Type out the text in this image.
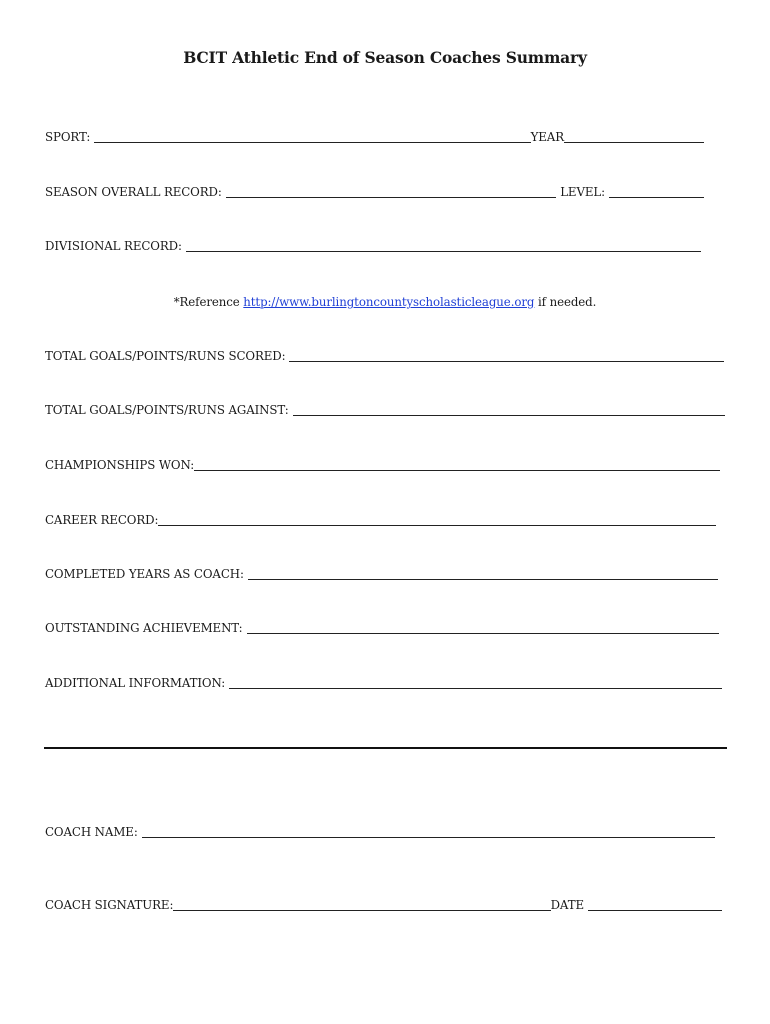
BCIT Athletic End of Season Coaches Summary
SPORT:	YEAR
SEASON OVERALL RECORD:	LEVEL:
DIVISIONAL RECORD:
*Reference http://www.burlingtoncountyscholasticleague.org if needed.
TOTAL GOALS/POINTS/RUNS SCORED:
TOTAL GOALS/POINTS/RUNS AGAINST:
CHAMPIONSHIPS WON:
CAREER RECORD:
COMPLETED YEARS AS COACH:
OUTSTANDING ACHIEVEMENT:
ADDITIONAL INFORMATION:
COACH NAME:
COACH SIGNATURE:	DATE
